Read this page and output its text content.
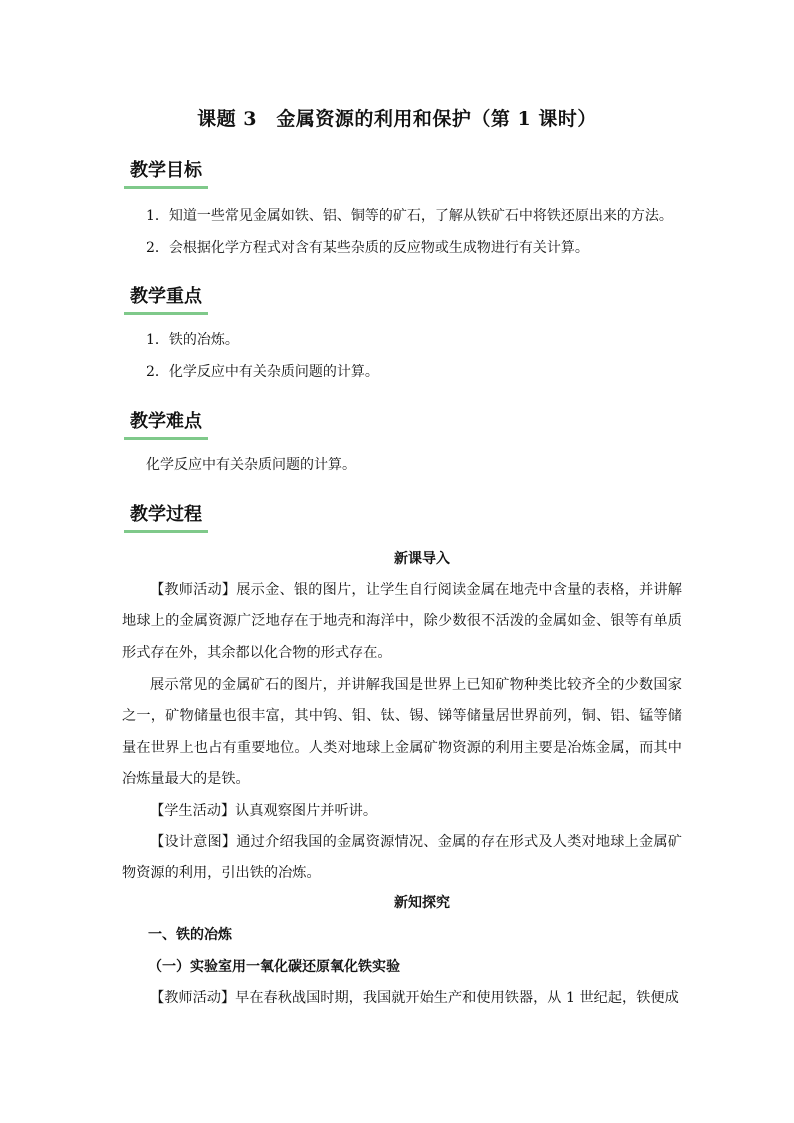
课题 3　金属资源的利用和保护（第 1 课时）
教学目标
1．知道一些常见金属如铁、铝、铜等的矿石，了解从铁矿石中将铁还原出来的方法。
2．会根据化学方程式对含有某些杂质的反应物或生成物进行有关计算。
教学重点
1．铁的冶炼。
2．化学反应中有关杂质问题的计算。
教学难点
化学反应中有关杂质问题的计算。
教学过程
新课导入

【教师活动】展示金、银的图片，让学生自行阅读金属在地壳中含量的表格，并讲解地球上的金属资源广泛地存在于地壳和海洋中，除少数很不活泼的金属如金、银等有单质形式存在外，其余都以化合物的形式存在。

展示常见的金属矿石的图片，并讲解我国是世界上已知矿物种类比较齐全的少数国家之一，矿物储量也很丰富，其中钨、钼、钛、锡、锑等储量居世界前列，铜、铝、锰等储量在世界上也占有重要地位。人类对地球上金属矿物资源的利用主要是冶炼金属，而其中冶炼量最大的是铁。

【学生活动】认真观察图片并听讲。

【设计意图】通过介绍我国的金属资源情况、金属的存在形式及人类对地球上金属矿物资源的利用，引出铁的冶炼。

新知探究
一、铁的冶炼
（一）实验室用一氧化碳还原氧化铁实验

【教师活动】早在春秋战国时期，我国就开始生产和使用铁器，从 1 世纪起，铁便成
